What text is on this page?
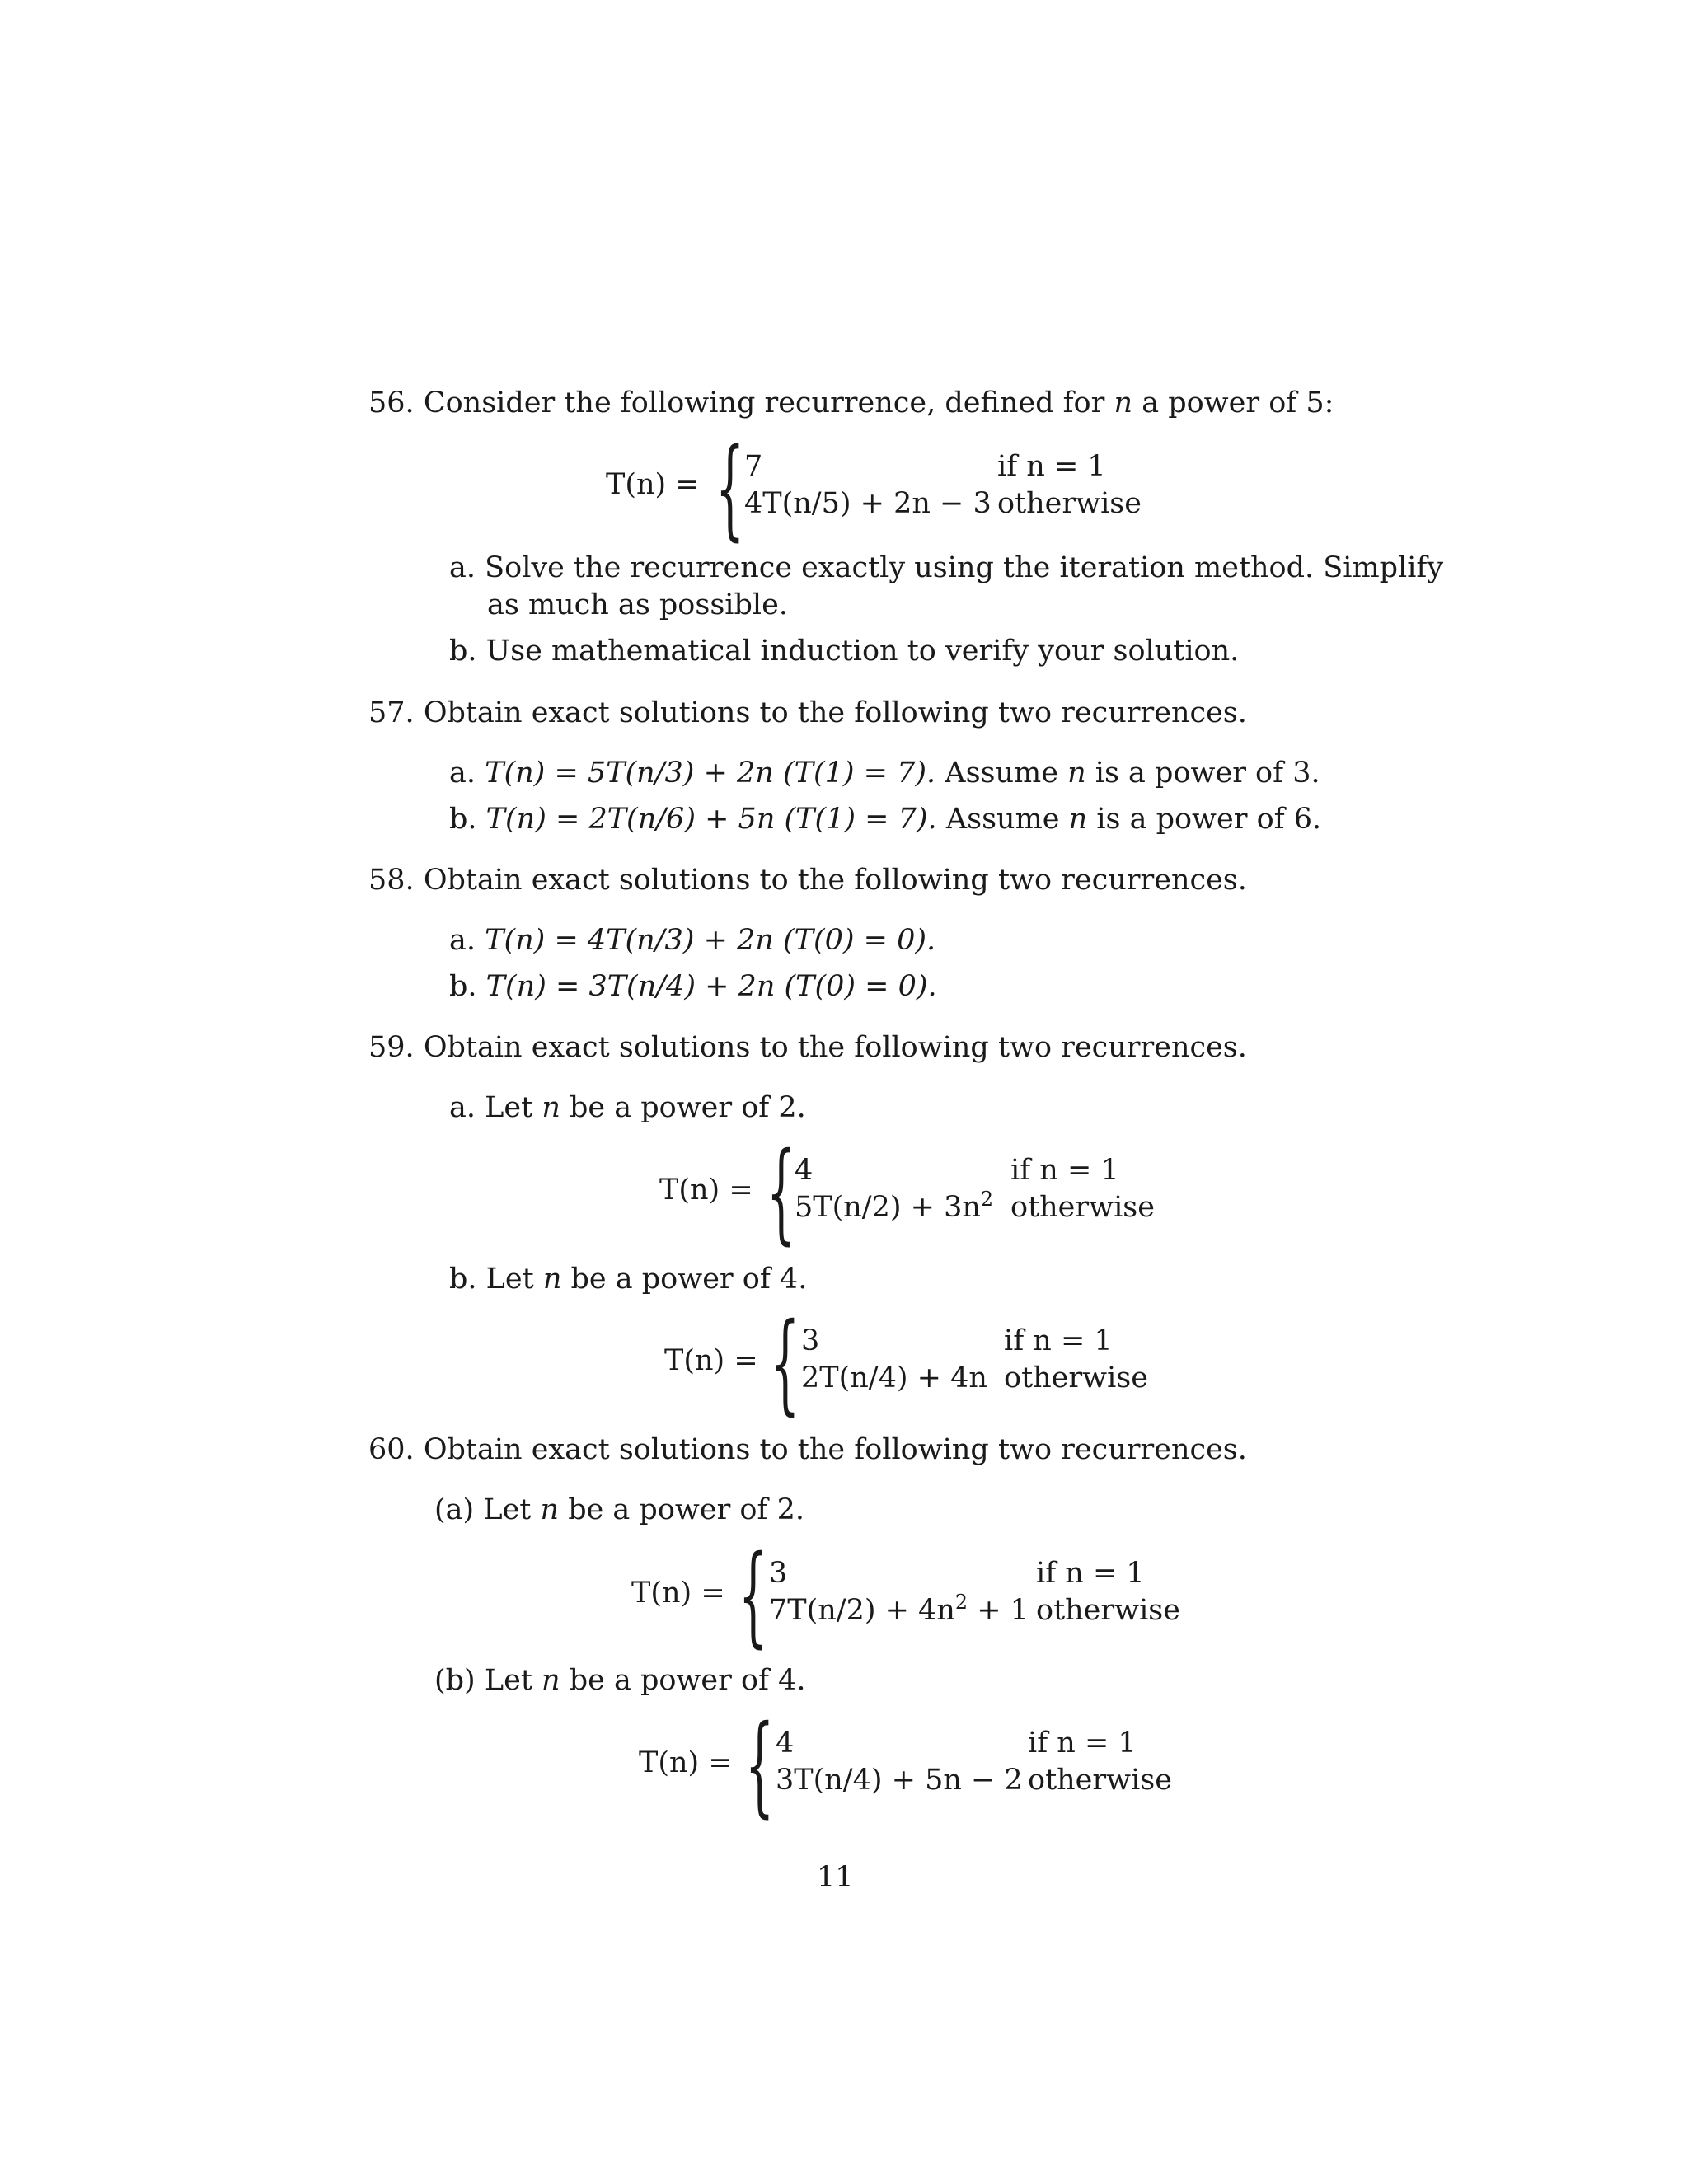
56. Consider the following recurrence, defined for n a power of 5:
T(n) = { 7	if n = 1
4T(n/5) + 2n − 3 otherwise
a. Solve the recurrence exactly using the iteration method. Simplify
as much as possible.
b. Use mathematical induction to verify your solution.
57. Obtain exact solutions to the following two recurrences.
a. T(n) = 5T(n/3) + 2n (T(1) = 7). Assume n is a power of 3.
b. T(n) = 2T(n/6) + 5n (T(1) = 7). Assume n is a power of 6.
58. Obtain exact solutions to the following two recurrences.
a. T(n) = 4T(n/3) + 2n (T(0) = 0).
b. T(n) = 3T(n/4) + 2n (T(0) = 0).
59. Obtain exact solutions to the following two recurrences.
a. Let n be a power of 2.
T(n) = {
4	if n = 1
$5T(n/2) + 3n^2$ otherwise
b. Let n be a power of 4.
T(n) = { 3	if n = 1
2T(n/4) + 4n otherwise
60. Obtain exact solutions to the following two recurrences.
(a) Let n be a power of 2.
T(n) = { 3	if n = 1
$7T(n/2) + 4n^2 + 1$ otherwise
(b) Let n be a power of 4.
T(n) = { 4	if n = 1
3T(n/4) + 5n − 2 otherwise
11
